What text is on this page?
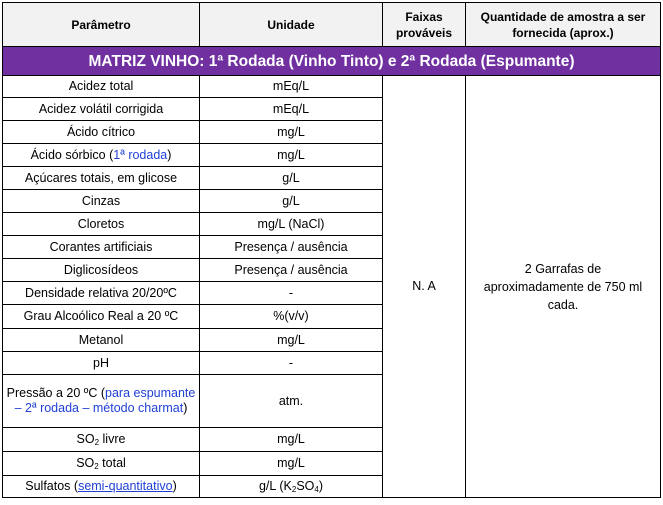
Parâmetro	Unidade	Faixas prováveis	Quantidade de amostra a ser fornecida (aprox.)
MATRIZ VINHO: 1ª Rodada (Vinho Tinto) e 2ª Rodada (Espumante)			
Acidez total	mEq/L	N. A	2 Garrafas de aproximadamente de 750 ml cada.
Acidez volátil corrigida	mEq/L		
Ácido cítrico	mg/L		
Ácido sórbico (1ª rodada)	mg/L		
Açúcares totais, em glicose	g/L		
Cinzas	g/L		
Cloretos	mg/L (NaCl)		
Corantes artificiais	Presença / ausência		
Diglicosídeos	Presença / ausência		
Densidade relativa 20/20ºC	-		
Grau Alcoólico Real a 20 ºC	%(v/v)		
Metanol	mg/L		
pH	-		
Pressão a 20 ºC (para espumante – 2ª rodada – método charmat)	atm.		
$SO_2$ livre	mg/L		
$SO_2$ total	mg/L		
Sulfatos (semi-quantitativo)	g/L $(K_2SO_4)$		
